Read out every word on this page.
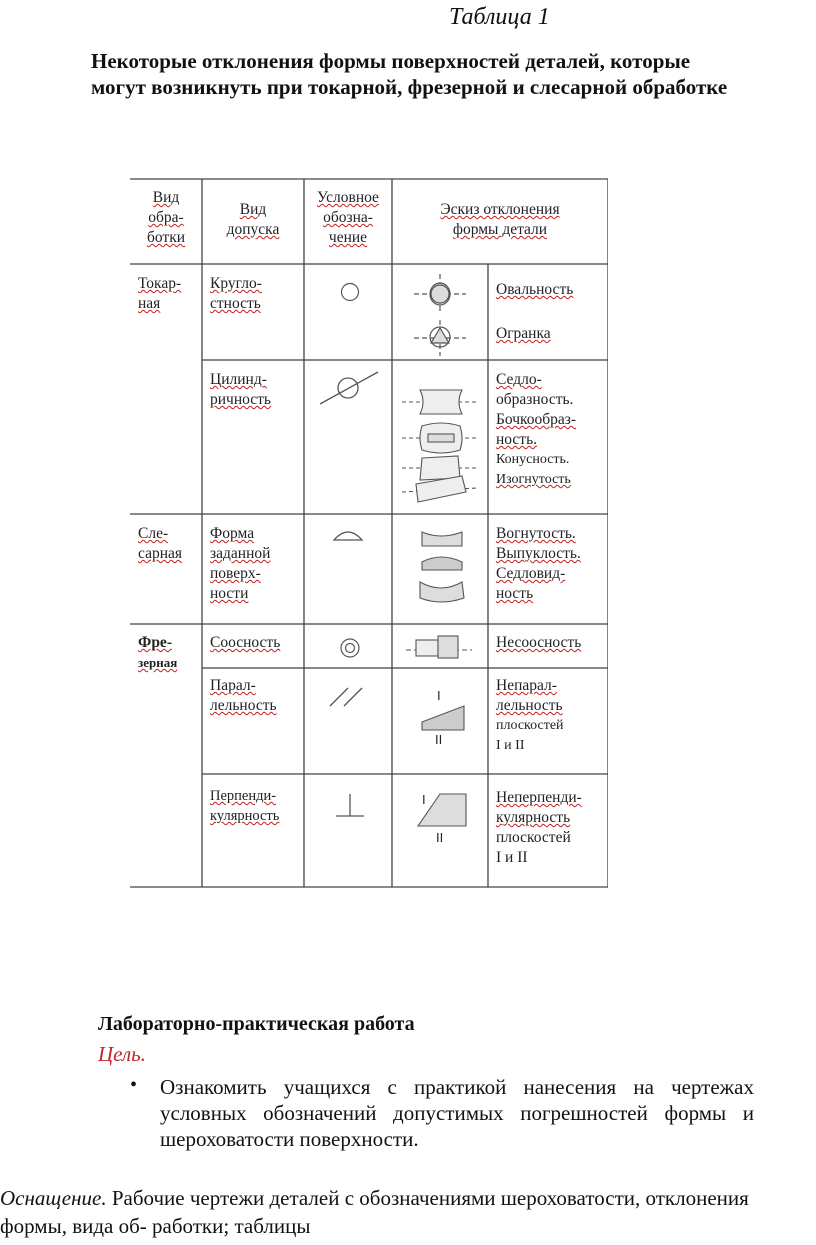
Таблица 1
Некоторые отклонения формы поверхностей деталей, которые могут возникнуть при токарной, фрезерной и слесарной обработке
Вид
обра-
ботки
Вид
допуска
Условное
обозна-
чение
Эскиз отклонения
формы детали
Токар-
ная
Кругло-
стность
Овальность
Огранка
Цилинд-
ричность
Седло-
образность.
Бочкообраз-
ность.
Конусность.
Изогнутость
Сле-
сарная
Форма
заданной
поверх-
ности
Вогнутость.
Выпуклость.
Седловид-
ность
Фре-
зерная
Соосность	Несоосность
Парал-
лельность
I
II
Непарал-
лельность
плоскостей
I и II
Перпенди-
кулярность
I
II
Неперпенди-
кулярность
плоскостей
I и II
Лабораторно-практическая работа
Цель.
• Ознакомить учащихся с практикой нанесения на чертежах условных обозначений допустимых погрешностей формы и шероховатости поверхности.
Оснащение. Рабочие чертежи деталей с обозначениями шероховатости, отклонения формы, вида об- работки; таблицы
